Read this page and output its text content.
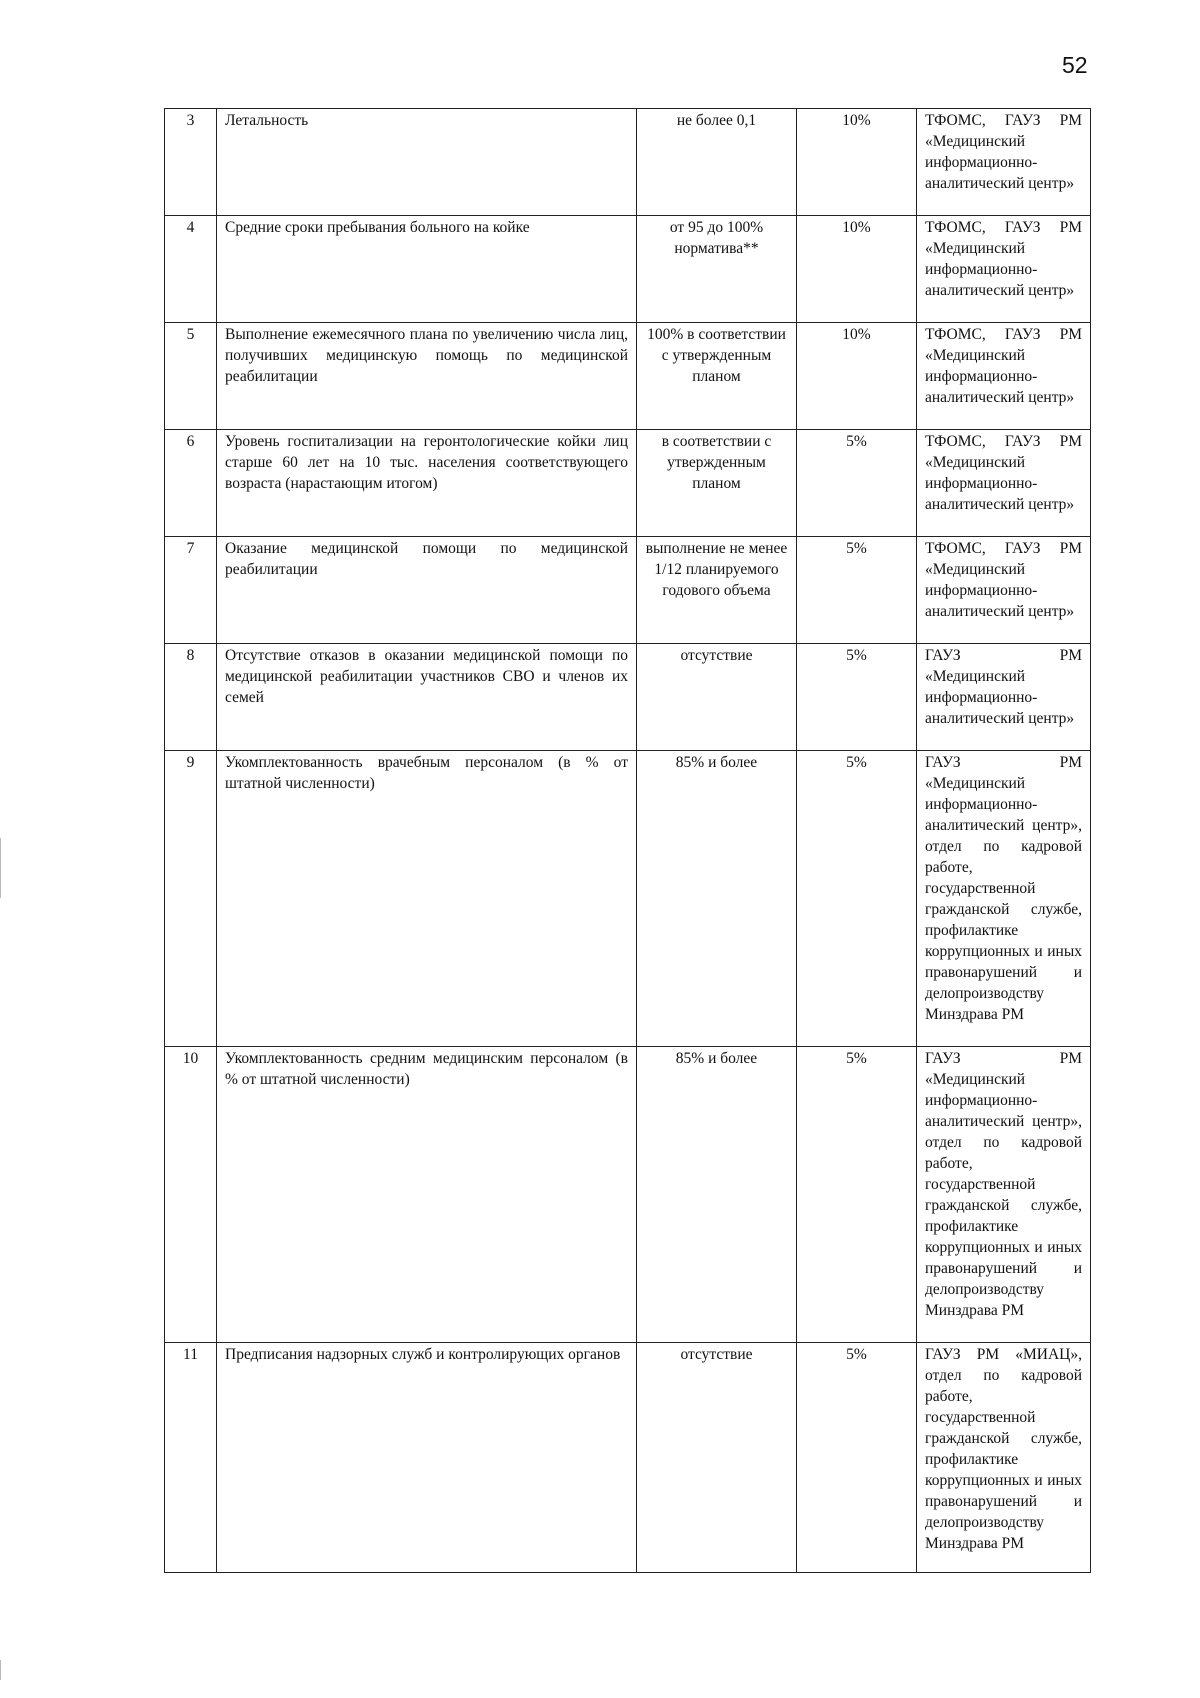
52
3	Летальность	не более 0,1	10%	ТФОМС, ГАУЗ РМ «Медицинский информационно-аналитический центр»
4	Средние сроки пребывания больного на койке	от 95 до 100% норматива**	10%	ТФОМС, ГАУЗ РМ «Медицинский информационно-аналитический центр»
5	Выполнение ежемесячного плана по увеличению числа лиц, получивших медицинскую помощь по медицинской реабилитации	100% в соответствии с утвержденным планом	10%	ТФОМС, ГАУЗ РМ «Медицинский информационно-аналитический центр»
6	Уровень госпитализации на геронтологические койки лиц старше 60 лет на 10 тыс. населения соответствующего возраста (нарастающим итогом)	в соответствии с утвержденным планом	5%	ТФОМС, ГАУЗ РМ «Медицинский информационно-аналитический центр»
7	Оказание медицинской помощи по медицинской реабилитации	выполнение не менее 1/12 планируемого годового объема	5%	ТФОМС, ГАУЗ РМ «Медицинский информационно-аналитический центр»
8	Отсутствие отказов в оказании медицинской помощи по медицинской реабилитации участников СВО и членов их семей	отсутствие	5%	ГАУЗ РМ «Медицинский информационно-аналитический центр»
9	Укомплектованность врачебным персоналом (в % от штатной численности)	85% и более	5%	ГАУЗ РМ «Медицинский информационно-аналитический центр», отдел по кадровой работе, государственной гражданской службе, профилактике коррупционных и иных правонарушений и делопроизводству Минздрава РМ
10	Укомплектованность средним медицинским персоналом (в % от штатной численности)	85% и более	5%	ГАУЗ РМ «Медицинский информационно-аналитический центр», отдел по кадровой работе, государственной гражданской службе, профилактике коррупционных и иных правонарушений и делопроизводству Минздрава РМ
11	Предписания надзорных служб и контролирующих органов	отсутствие	5%	ГАУЗ РМ «МИАЦ», отдел по кадровой работе, государственной гражданской службе, профилактике коррупционных и иных правонарушений и делопроизводству Минздрава РМ
